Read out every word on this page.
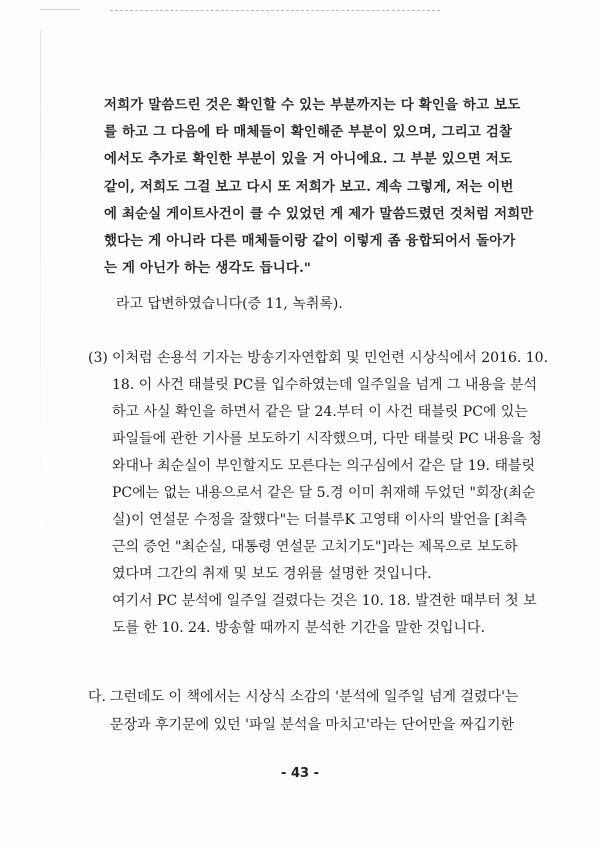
저희가 말씀드린 것은 확인할 수 있는 부분까지는 다 확인을 하고 보도
를 하고 그 다음에 타 매체들이 확인해준 부분이 있으며, 그리고 검찰
에서도 추가로 확인한 부분이 있을 거 아니에요. 그 부분 있으면 저도
같이, 저희도 그걸 보고 다시 또 저희가 보고. 계속 그렇게, 저는 이번
에 최순실 게이트사건이 클 수 있었던 게 제가 말씀드렸던 것처럼 저희만
했다는 게 아니라 다른 매체들이랑 같이 이렇게 좀 융합되어서 돌아가
는 게 아닌가 하는 생각도 듭니다."
라고 답변하였습니다(증 11, 녹취록).
(3) 이처럼 손용석 기자는 방송기자연합회 및 민언련 시상식에서 2016. 10.
18. 이 사건 태블릿 PC를 입수하였는데 일주일을 넘게 그 내용을 분석
하고 사실 확인을 하면서 같은 달 24.부터 이 사건 태블릿 PC에 있는
파일들에 관한 기사를 보도하기 시작했으며, 다만 태블릿 PC 내용을 청
와대나 최순실이 부인할지도 모른다는 의구심에서 같은 달 19. 태블릿
PC에는 없는 내용으로서 같은 달 5.경 이미 취재해 두었던 "회장(최순
실)이 연설문 수정을 잘했다"는 더블루K 고영태 이사의 발언을 [최측
근의 증언 "최순실, 대통령 연설문 고치기도"]라는 제목으로 보도하
였다며 그간의 취재 및 보도 경위를 설명한 것입니다.
여기서 PC 분석에 일주일 걸렸다는 것은 10. 18. 발견한 때부터 첫 보
도를 한 10. 24. 방송할 때까지 분석한 기간을 말한 것입니다.
다. 그런데도 이 책에서는 시상식 소감의 '분석에 일주일 넘게 걸렸다'는
문장과 후기문에 있던 '파일 분석을 마치고'라는 단어만을 짜깁기한
- 43 -
